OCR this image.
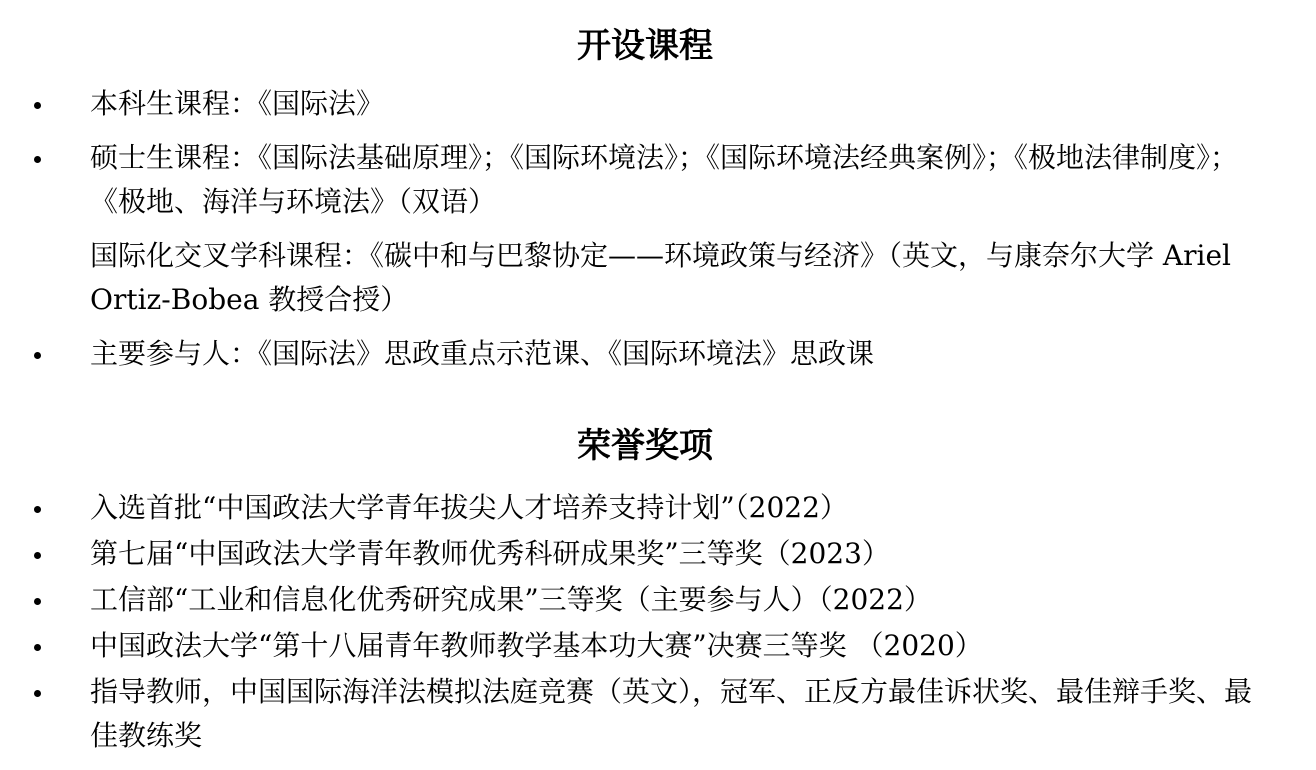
开设课程
本科生课程：《国际法》
硕士生课程：《国际法基础原理》；《国际环境法》；《国际环境法经典案例》；《极地法律制度》；《极地、海洋与环境法》（双语）
国际化交叉学科课程：《碳中和与巴黎协定——环境政策与经济》（英文，与康奈尔大学 Ariel Ortiz-Bobea 教授合授）
主要参与人：《国际法》思政重点示范课、《国际环境法》思政课
荣誉奖项
入选首批“中国政法大学青年拔尖人才培养支持计划”（2022）
第七届“中国政法大学青年教师优秀科研成果奖”三等奖（2023）
工信部“工业和信息化优秀研究成果”三等奖（主要参与人）（2022）
中国政法大学“第十八届青年教师教学基本功大赛”决赛三等奖 （2020）
指导教师，中国国际海洋法模拟法庭竞赛（英文），冠军、正反方最佳诉状奖、最佳辩手奖、最佳教练奖
